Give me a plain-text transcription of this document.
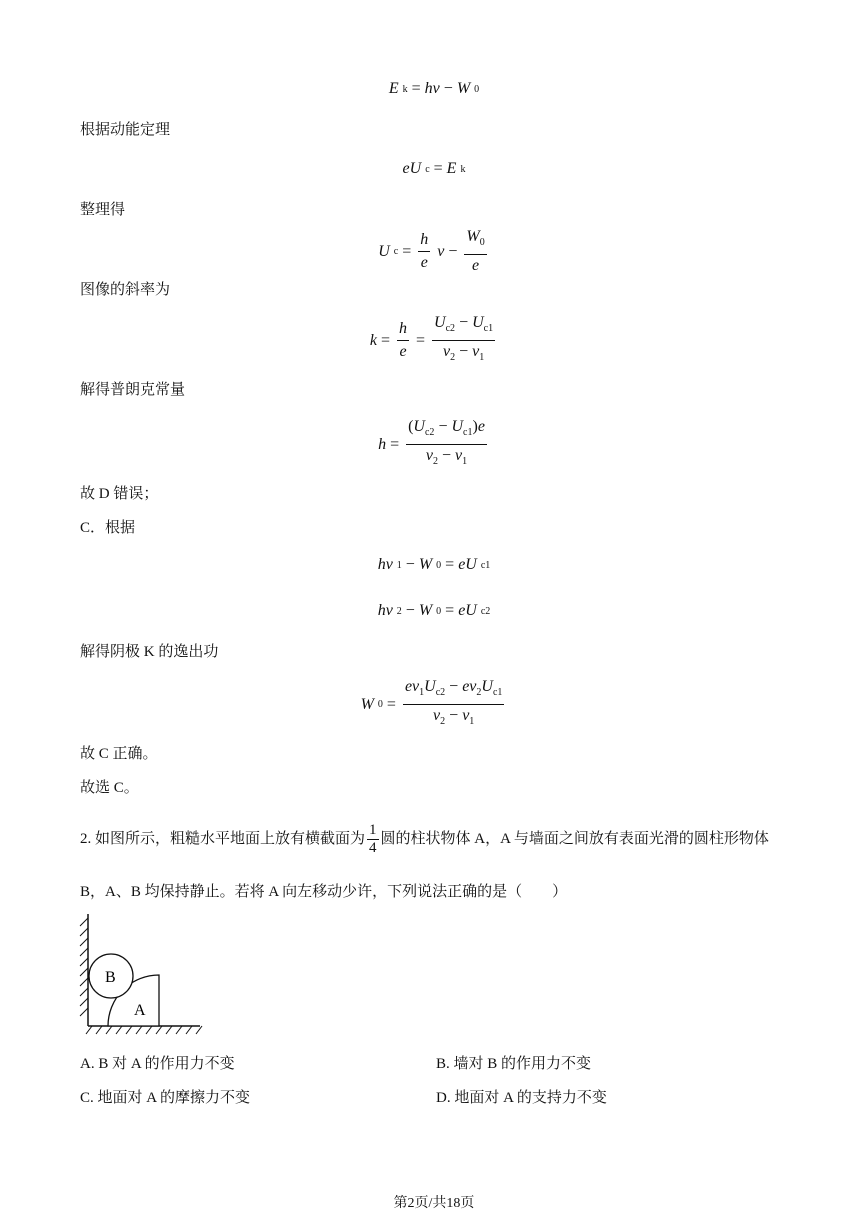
E k = hν − W 0
根据动能定理
eU c = E k
整理得
U $c = \frac{h}{e}$ $\nu - \frac{W_0}{e}$
图像的斜率为
$k = \frac{h}{e} = \frac{U_{c2} - U_{c1}}{\nu_2 - \nu_1}$
解得普朗克常量
$h = \frac{(U_{c2} - U_{c1})e}{\nu_2 - \nu_1}$
故 D 错误；
C．根据
hν 1 − W 0 = eU c1
hν 2 − W 0 = eU c2
解得阴极 K 的逸出功
W $0 = \frac{e\nu_1U_{c2} - e\nu_2U_{c1}}{\nu_2 - \nu_1}$
故 C 正确。
故选 C。
2. 如图所示，粗糙水平地面上放有横截面为 $\frac{1}{4}$ 圆的柱状物体 A，A 与墙面之间放有表面光滑的圆柱形物体
B，A、B 均保持静止。若将 A 向左移动少许，下列说法正确的是（　　）
B
A
A. B 对 A 的作用力不变	B. 墙对 B 的作用力不变
C. 地面对 A 的摩擦力不变	D. 地面对 A 的支持力不变
第2页/共18页
